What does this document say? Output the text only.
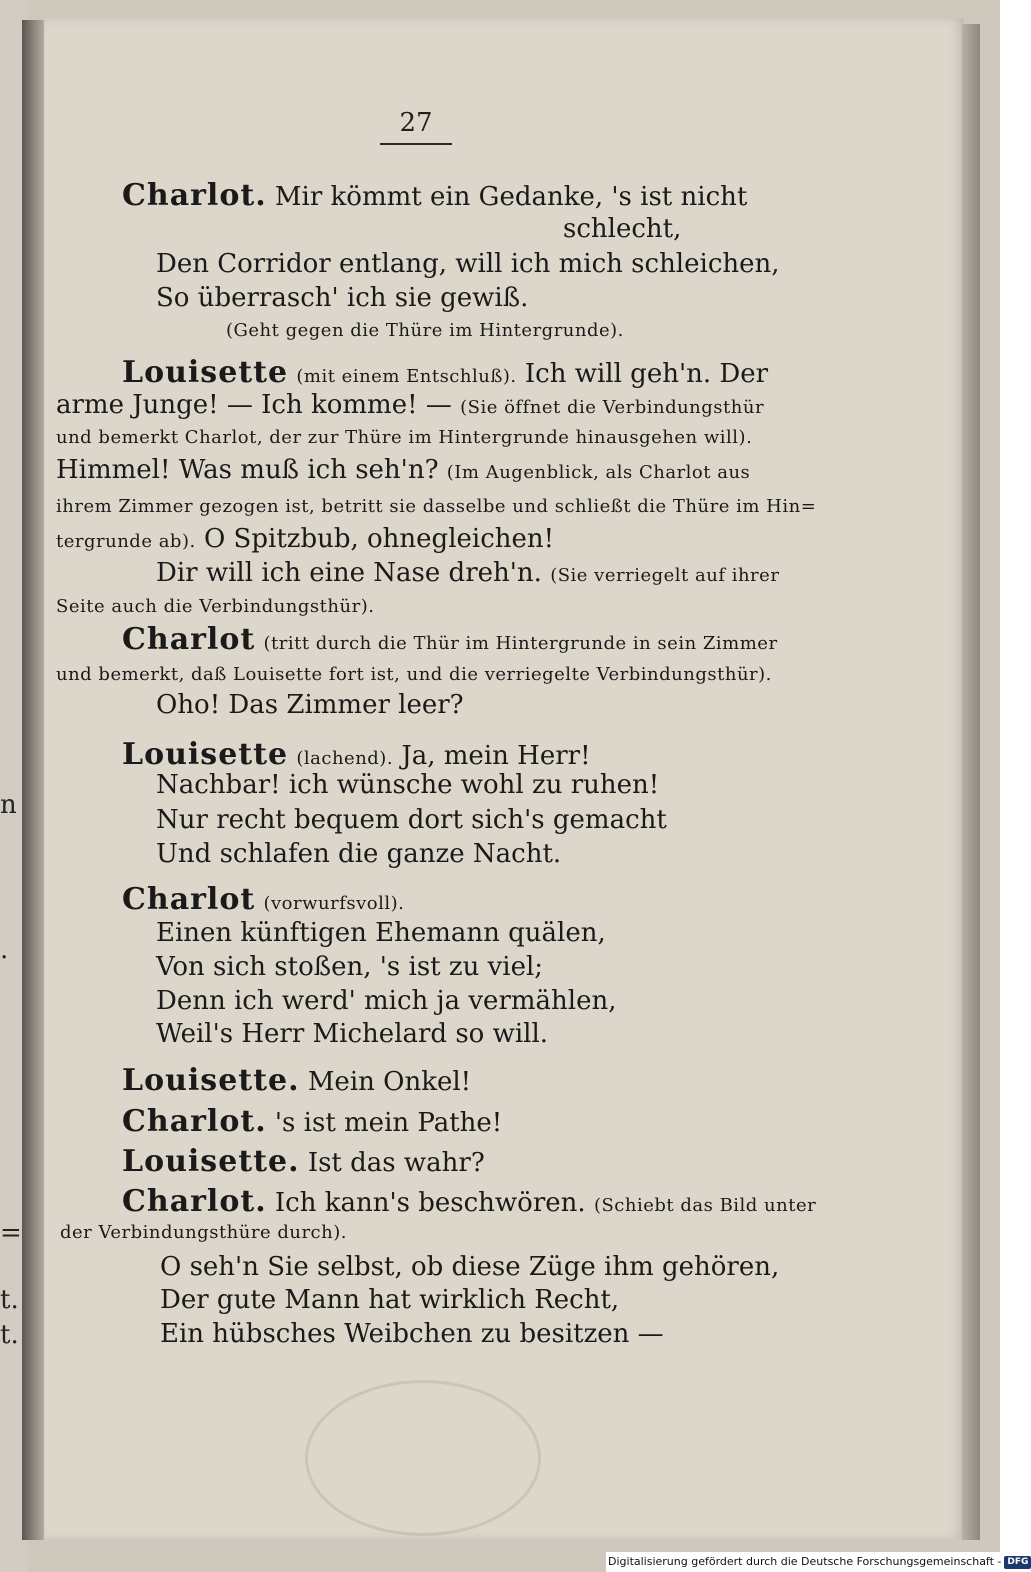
n
.
=
t.
t.
27
Charlot. Mir kömmt ein Gedanke, 's ist nicht
schlecht,
Den Corridor entlang, will ich mich schleichen,
So überrasch' ich sie gewiß.
(Geht gegen die Thüre im Hintergrunde).
Louisette (mit einem Entschluß). Ich will geh'n. Der
arme Junge! — Ich komme! — (Sie öffnet die Verbindungsthür
und bemerkt Charlot, der zur Thüre im Hintergrunde hinausgehen will).
Himmel! Was muß ich seh'n? (Im Augenblick, als Charlot aus
ihrem Zimmer gezogen ist, betritt sie dasselbe und schließt die Thüre im Hin=
tergrunde ab). O Spitzbub, ohnegleichen!
Dir will ich eine Nase dreh'n. (Sie verriegelt auf ihrer
Seite auch die Verbindungsthür).
Charlot (tritt durch die Thür im Hintergrunde in sein Zimmer
und bemerkt, daß Louisette fort ist, und die verriegelte Verbindungsthür).
Oho! Das Zimmer leer?
Louisette (lachend). Ja, mein Herr!
Nachbar! ich wünsche wohl zu ruhen!
Nur recht bequem dort sich's gemacht
Und schlafen die ganze Nacht.
Charlot (vorwurfsvoll).
Einen künftigen Ehemann quälen,
Von sich stoßen, 's ist zu viel;
Denn ich werd' mich ja vermählen,
Weil's Herr Michelard so will.
Louisette. Mein Onkel!
Charlot. 's ist mein Pathe!
Louisette. Ist das wahr?
Charlot. Ich kann's beschwören. (Schiebt das Bild unter
der Verbindungsthüre durch).
O seh'n Sie selbst, ob diese Züge ihm gehören,
Der gute Mann hat wirklich Recht,
Ein hübsches Weibchen zu besitzen —
Digitalisierung gefördert durch die Deutsche Forschungsgemeinschaft - DFG
